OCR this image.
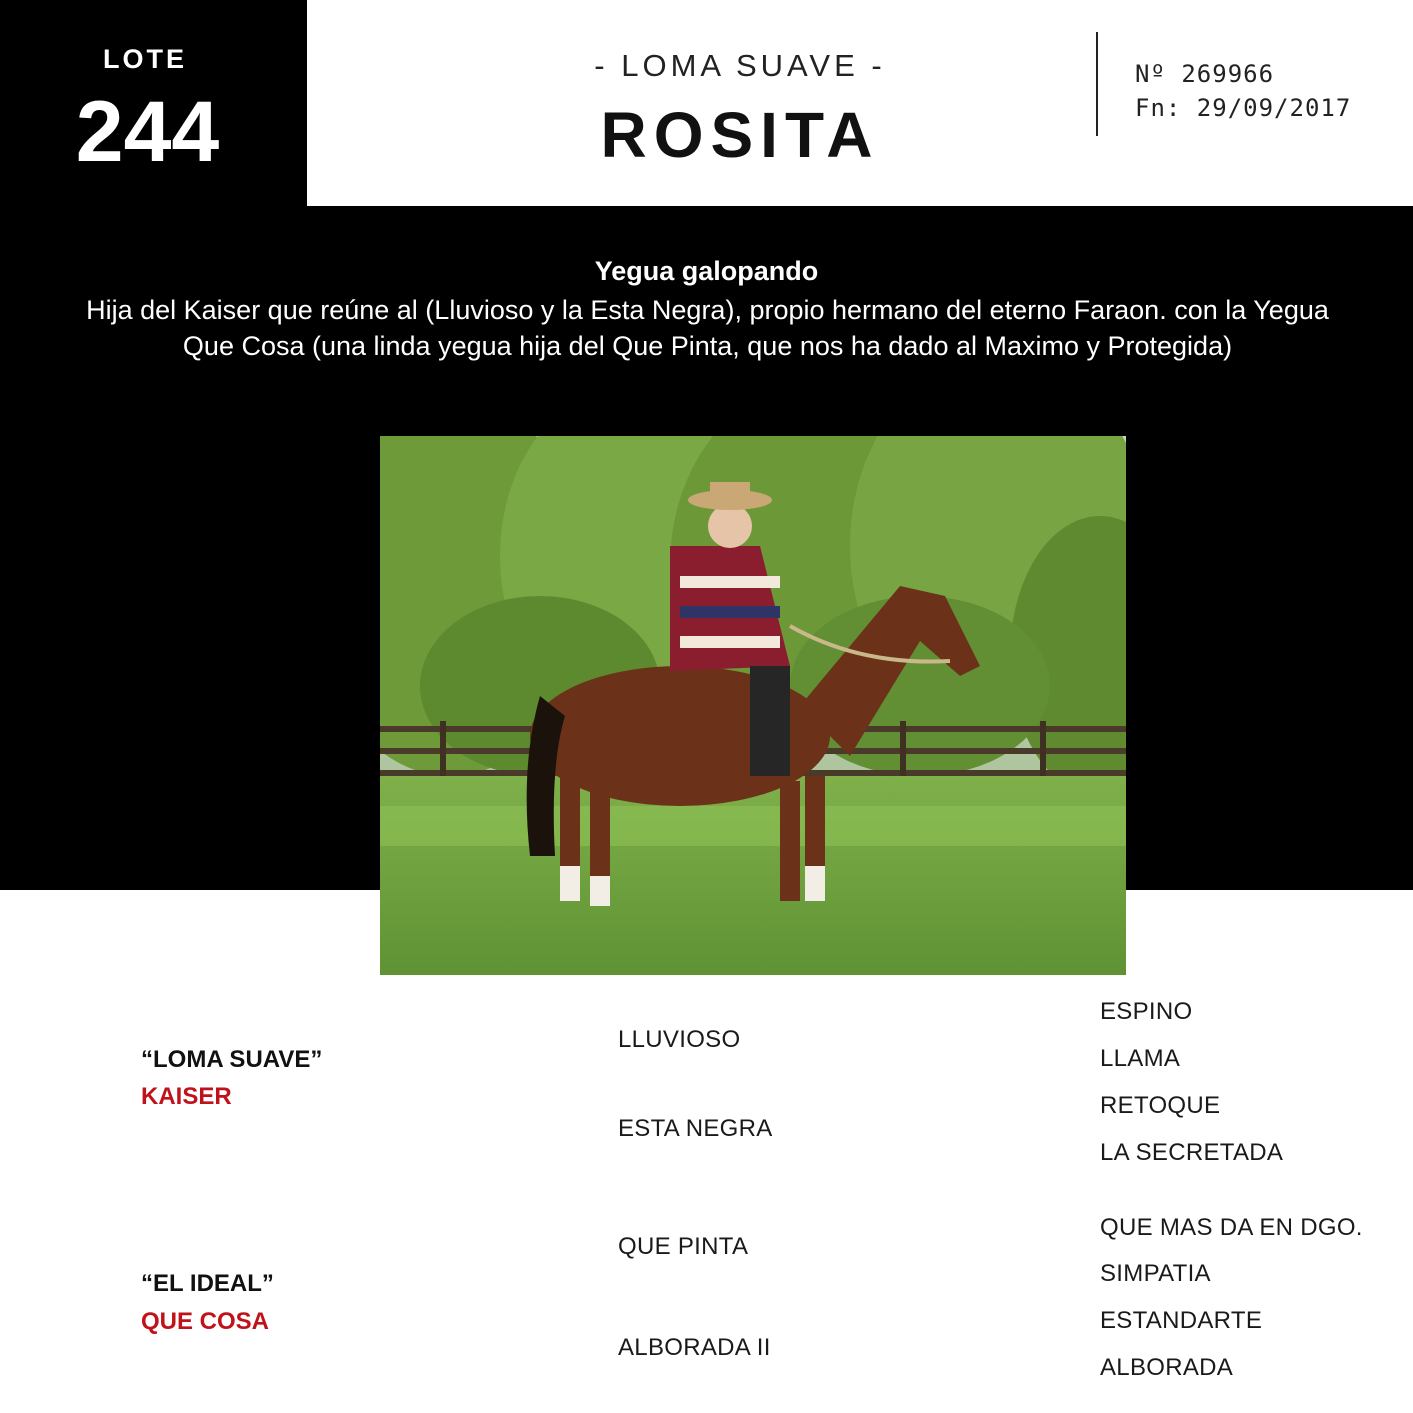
LOTE
244
- LOMA SUAVE -
ROSITA
Nº 269966
Fn: 29/09/2017
Yegua galopando
Hija del Kaiser que reúne al (Lluvioso y la Esta Negra), propio hermano del eterno Faraon. con la Yegua Que Cosa (una linda yegua hija del Que Pinta, que nos ha dado al Maximo y Protegida)
“LOMA SUAVE”
KAISER
LLUVIOSO
ESTA NEGRA
ESPINO
LLAMA
RETOQUE
LA SECRETADA
“EL IDEAL”
QUE COSA
QUE PINTA
ALBORADA II
QUE MAS DA EN DGO.
SIMPATIA
ESTANDARTE
ALBORADA
